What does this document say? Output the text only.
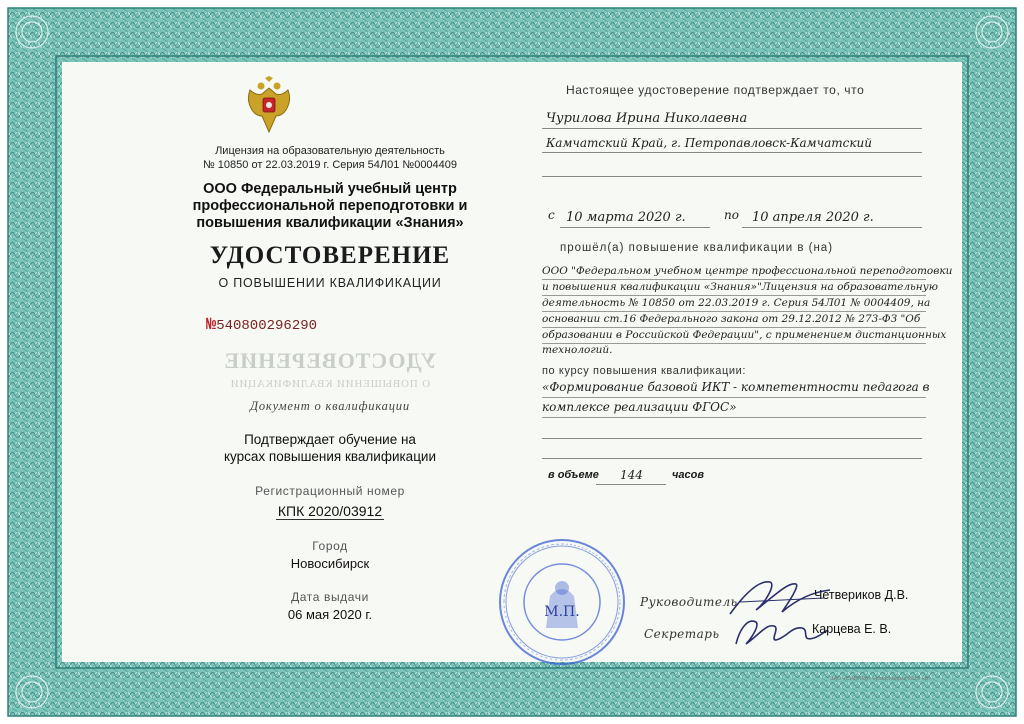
Лицензия на образовательную деятельность
№ 10850 от 22.03.2019 г. Серия 54Л01 №0004409
ООО Федеральный учебный центр
профессиональной переподготовки и
повышения квалификации «Знания»
УДОСТОВЕРЕНИЕ
О ПОВЫШЕНИИ КВАЛИФИКАЦИИ
№540800296290
УДОСТОВЕРЕНИЕ
О ПОВЫШЕНИИ КВАЛИФИКАЦИИ
Документ о квалификации
Подтверждает обучение на
курсах повышения квалификации
Регистрационный номер
КПК 2020/03912
Город
Новосибирск
Дата выдачи
06 мая 2020 г.
Настоящее удостоверение подтверждает то, что
Чурилова Ирина Николаевна
Камчатский Край, г. Петропавловск-Камчатский
с 10 марта 2020 г.	по 10 апреля 2020 г.
прошёл(а) повышение квалификации в (на)
ООО "Федеральном учебном центре профессиональной переподготовки
и повышения квалификации «Знания»"Лицензия на образовательную
деятельность № 10850 от 22.03.2019 г. Серия 54Л01 № 0004409, на
основании ст.16 Федерального закона от 29.12.2012 № 273-ФЗ "Об
образовании в Российской Федерации", с применением дистанционных
технологий.
по курсу повышения квалификации:
«Формирование базовой ИКТ - компетентности педагога в
комплексе реализации ФГОС»
в объеме 144	часов
М.П.
Руководитель	Четвериков Д.В.
Секретарь	Карцева Е. В.
ЗАО «СИБИРЬ» Новосибирск 2019 «Б»
